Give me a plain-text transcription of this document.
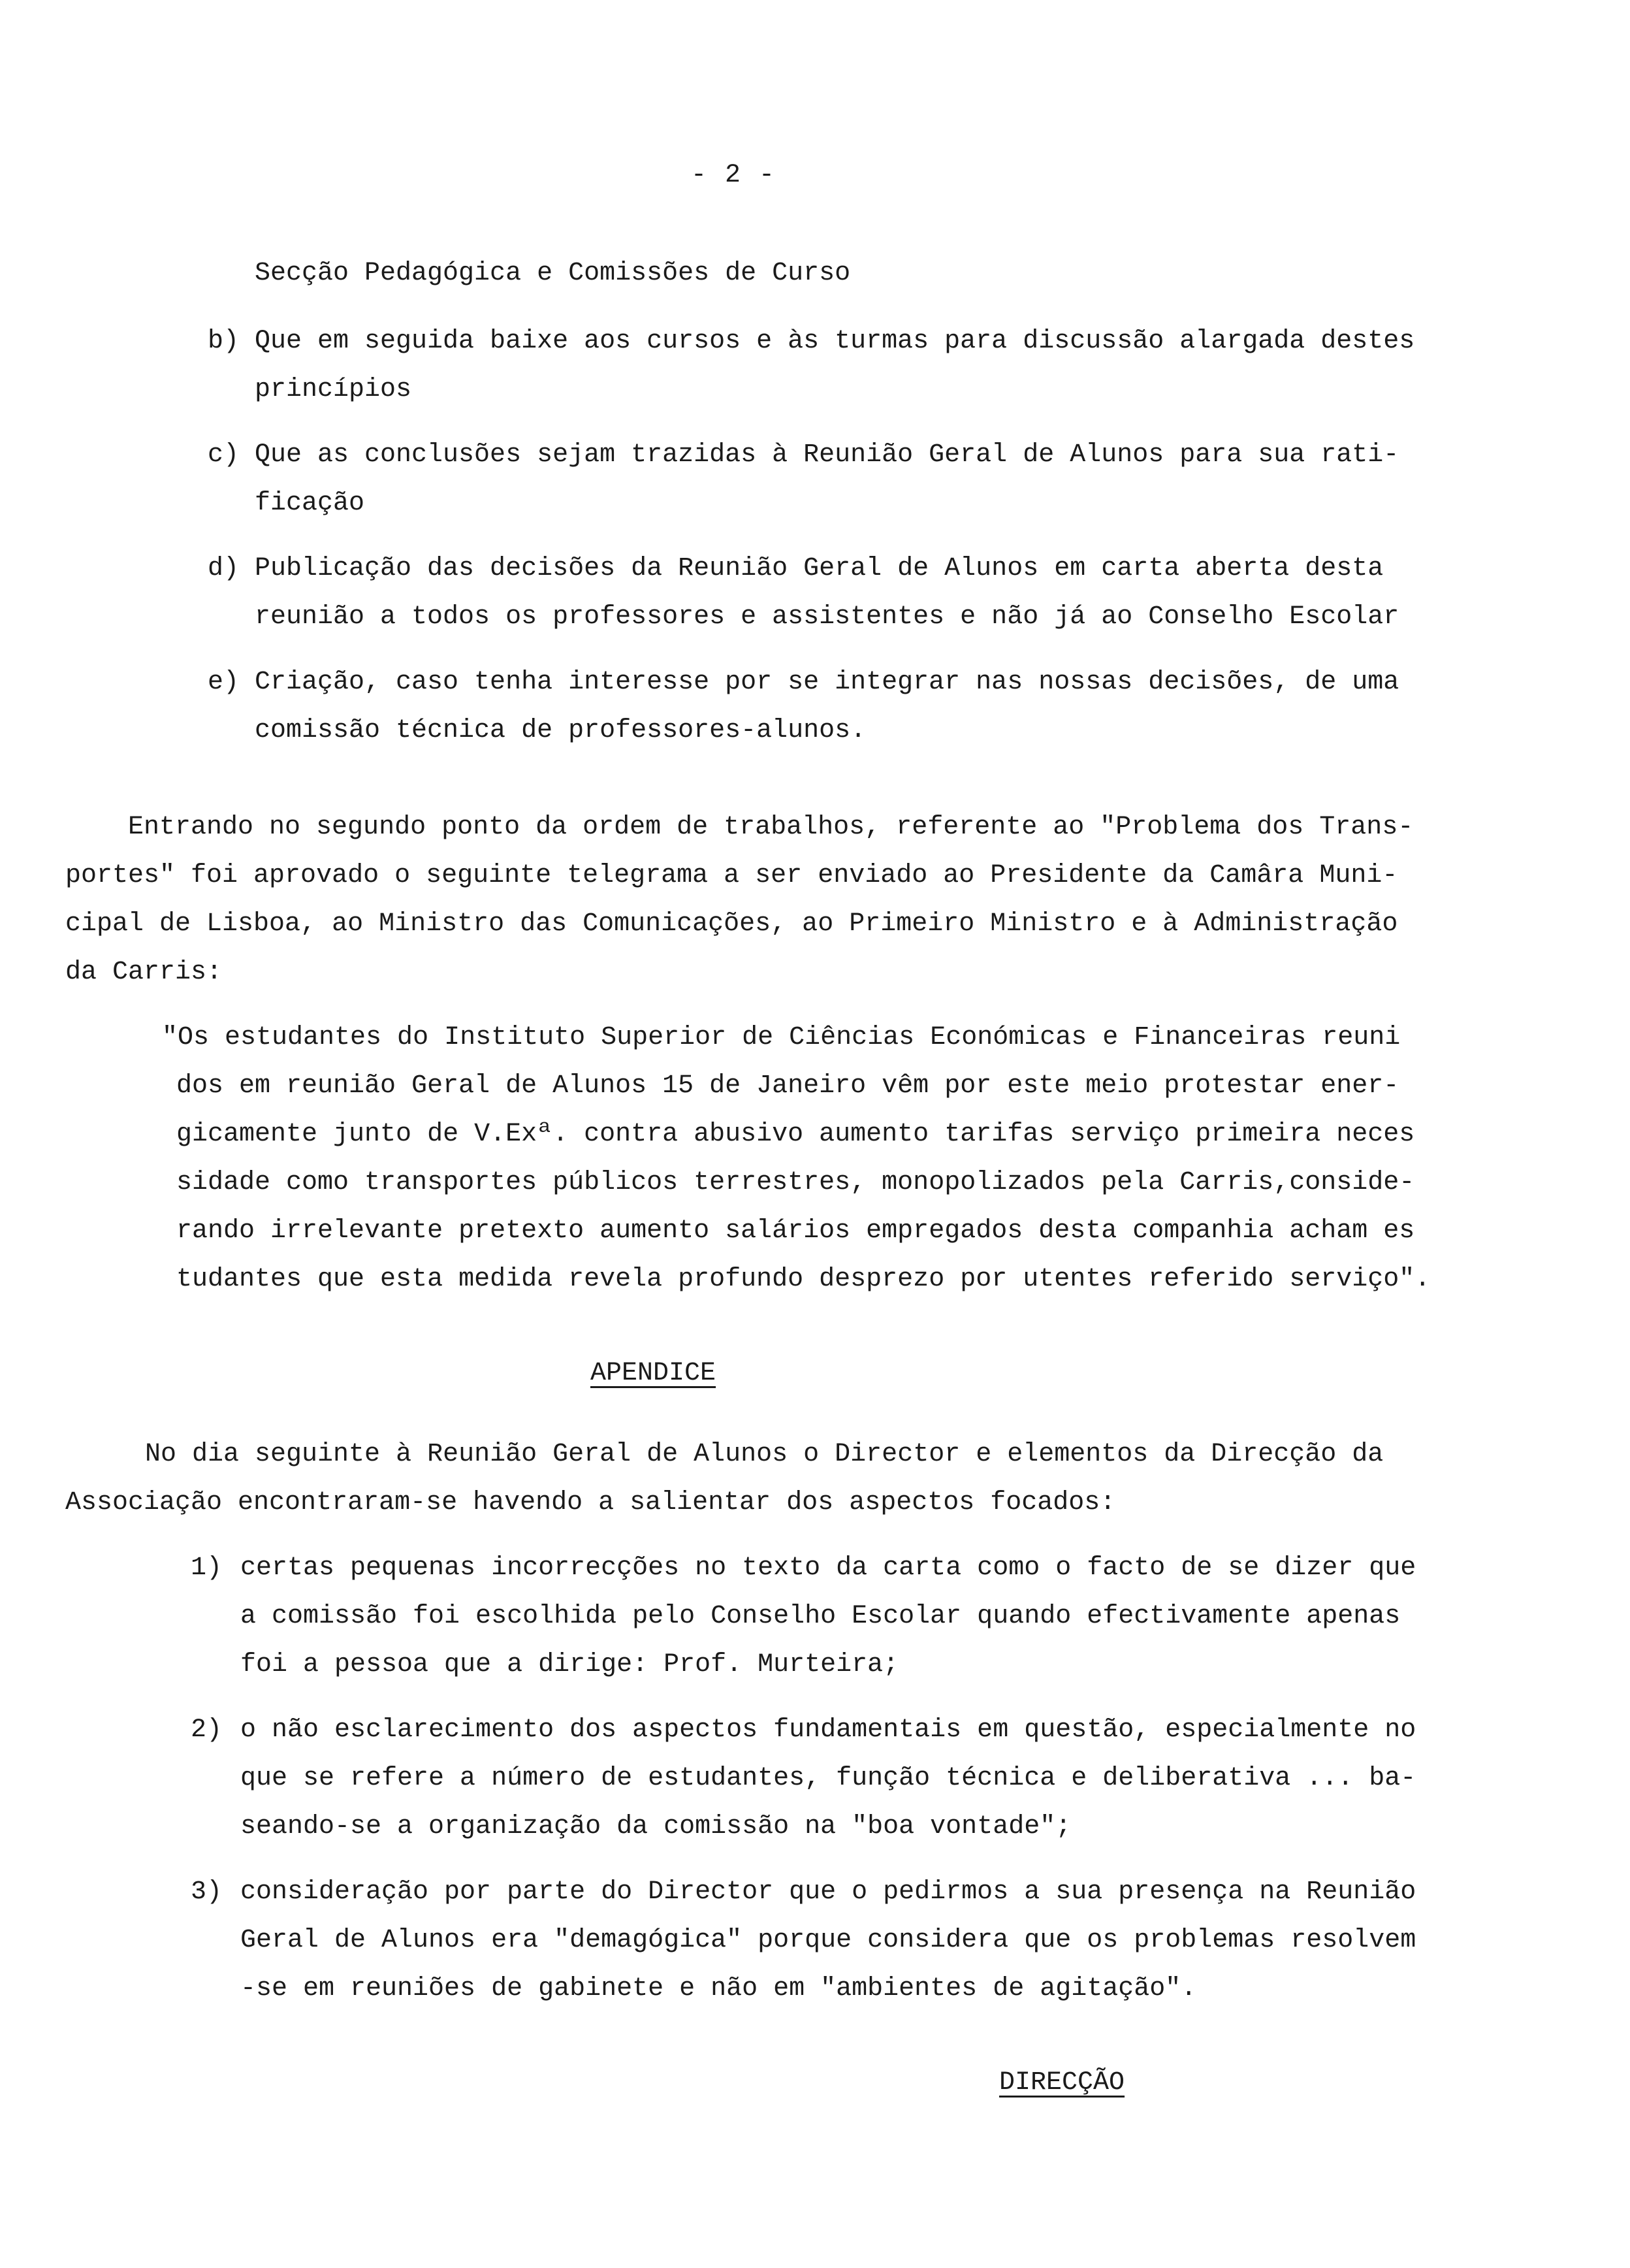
- 2 -
Secção Pedagógica e Comissões de Curso
b) Que em seguida baixe aos cursos e às turmas para discussão alargada destes
princípios
c) Que as conclusões sejam trazidas à Reunião Geral de Alunos para sua rati-
ficação
d) Publicação das decisões da Reunião Geral de Alunos em carta aberta desta
reunião a todos os professores e assistentes e não já ao Conselho Escolar
e) Criação, caso tenha interesse por se integrar nas nossas decisões, de uma
comissão técnica de professores-alunos.
Entrando no segundo ponto da ordem de trabalhos, referente ao "Problema dos Trans-
portes" foi aprovado o seguinte telegrama a ser enviado ao Presidente da Camâra Muni-
cipal de Lisboa, ao Ministro das Comunicações, ao Primeiro Ministro e à Administração
da Carris:
"Os estudantes do Instituto Superior de Ciências Económicas e Financeiras reuni
dos em reunião Geral de Alunos 15 de Janeiro vêm por este meio protestar ener-
gicamente junto de V.Exª. contra abusivo aumento tarifas serviço primeira neces
sidade como transportes públicos terrestres, monopolizados pela Carris,conside-
rando irrelevante pretexto aumento salários empregados desta companhia acham es
tudantes que esta medida revela profundo desprezo por utentes referido serviço".
APENDICE
No dia seguinte à Reunião Geral de Alunos o Director e elementos da Direcção da
Associação encontraram-se havendo a salientar dos aspectos focados:
1) certas pequenas incorrecções no texto da carta como o facto de se dizer que
a comissão foi escolhida pelo Conselho Escolar quando efectivamente apenas
foi a pessoa que a dirige: Prof. Murteira;
2) o não esclarecimento dos aspectos fundamentais em questão, especialmente no
que se refere a número de estudantes, função técnica e deliberativa ... ba-
seando-se a organização da comissão na "boa vontade";
3) consideração por parte do Director que o pedirmos a sua presença na Reunião
Geral de Alunos era "demagógica" porque considera que os problemas resolvem
-se em reuniões de gabinete e não em "ambientes de agitação".
DIRECÇÃO
